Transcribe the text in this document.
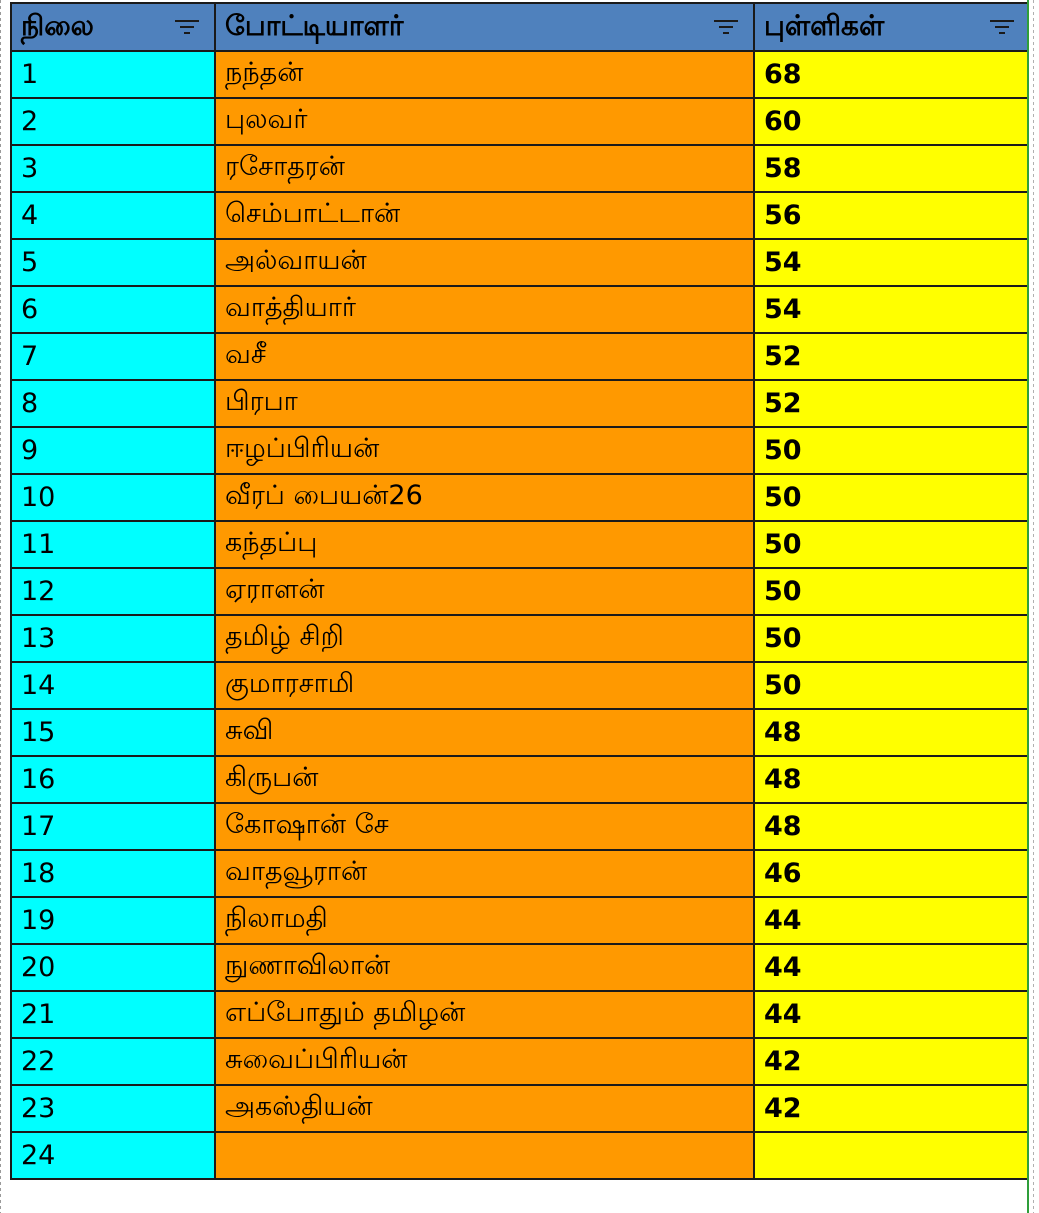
நிலை	போட்டியாளர்	புள்ளிகள்

1	நந்தன்	68
2	புலவர்	60
3	ரசோதரன்	58
4	செம்பாட்டான்	56
5	அல்வாயன்	54
6	வாத்தியார்	54
7	வசீ	52
8	பிரபா	52
9	ஈழப்பிரியன்	50
10	வீரப் பையன்26	50
11	கந்தப்பு	50
12	ஏராளன்	50
13	தமிழ் சிறி	50
14	குமாரசாமி	50
15	சுவி	48
16	கிருபன்	48
17	கோஷான் சே	48
18	வாதவூரான்	46
19	நிலாமதி	44
20	நுணாவிலான்	44
21	எப்போதும் தமிழன்	44
22	சுவைப்பிரியன்	42
23	அகஸ்தியன்	42
24		
